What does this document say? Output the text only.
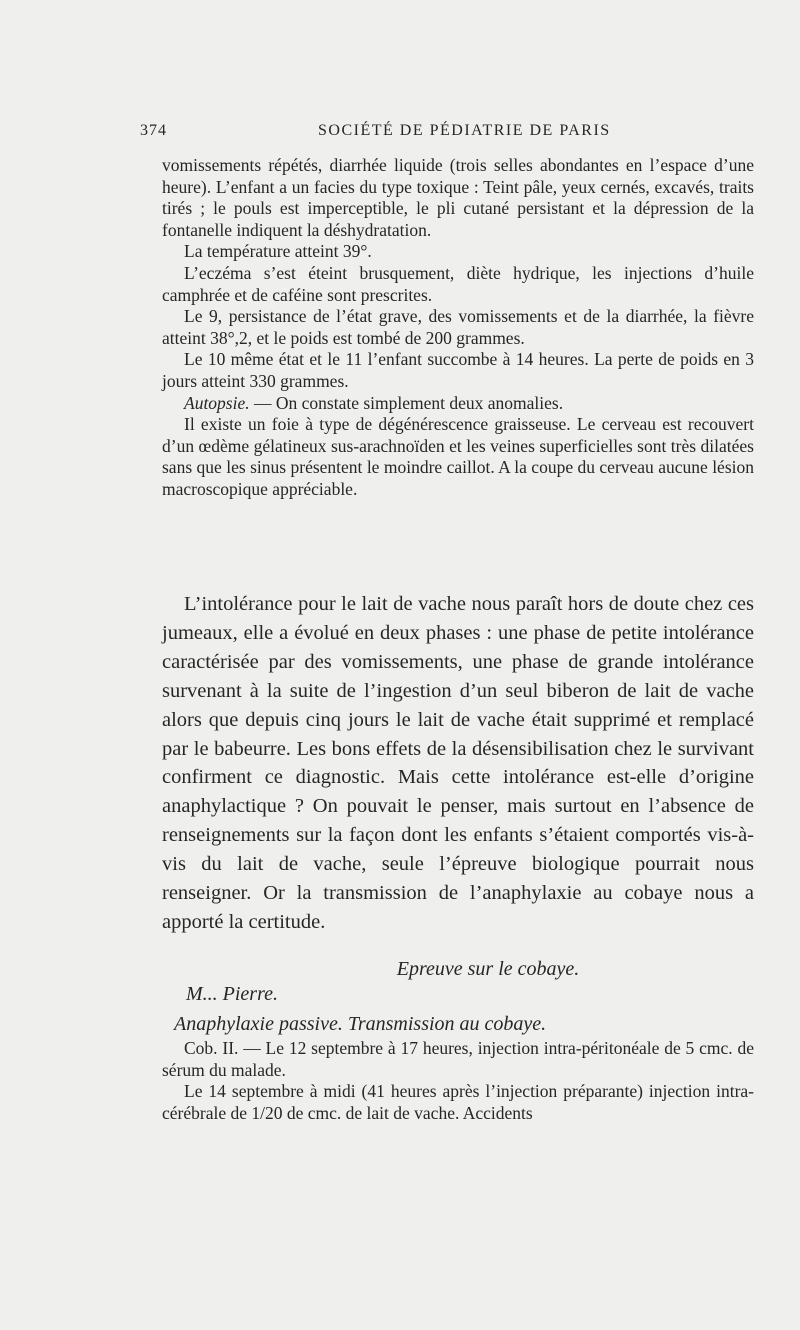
374	SOCIÉTÉ DE PÉDIATRIE DE PARIS

vomissements répétés, diarrhée liquide (trois selles abondantes en l’espace d’une heure). L’enfant a un facies du type toxique : Teint pâle, yeux cernés, excavés, traits tirés ; le pouls est imperceptible, le pli cutané persistant et la dépression de la fontanelle indiquent la déshydratation.

La température atteint 39°.

L’eczéma s’est éteint brusquement, diète hydrique, les injections d’huile camphrée et de caféine sont prescrites.

Le 9, persistance de l’état grave, des vomissements et de la diarrhée, la fièvre atteint 38°,2, et le poids est tombé de 200 grammes.

Le 10 même état et le 11 l’enfant succombe à 14 heures. La perte de poids en 3 jours atteint 330 grammes.

Autopsie. — On constate simplement deux anomalies.

Il existe un foie à type de dégénérescence graisseuse. Le cerveau est recouvert d’un œdème gélatineux sus-arachnoïden et les veines superficielles sont très dilatées sans que les sinus présentent le moindre caillot. A la coupe du cerveau aucune lésion macroscopique appréciable.

L’intolérance pour le lait de vache nous paraît hors de doute chez ces jumeaux, elle a évolué en deux phases : une phase de petite intolérance caractérisée par des vomissements, une phase de grande intolérance survenant à la suite de l’ingestion d’un seul biberon de lait de vache alors que depuis cinq jours le lait de vache était supprimé et remplacé par le babeurre. Les bons effets de la désensibilisation chez le survivant confirment ce diagnostic. Mais cette intolérance est-elle d’origine anaphylactique ? On pouvait le penser, mais surtout en l’absence de renseignements sur la façon dont les enfants s’étaient comportés vis-à-vis du lait de vache, seule l’épreuve biologique pourrait nous renseigner. Or la transmission de l’anaphylaxie au cobaye nous a apporté la certitude.

Epreuve sur le cobaye.
M... Pierre.
Anaphylaxie passive. Transmission au cobaye.

Cob. II. — Le 12 septembre à 17 heures, injection intra-péritonéale de 5 cmc. de sérum du malade.

Le 14 septembre à midi (41 heures après l’injection préparante) injection intra-cérébrale de 1/20 de cmc. de lait de vache. Accidents
